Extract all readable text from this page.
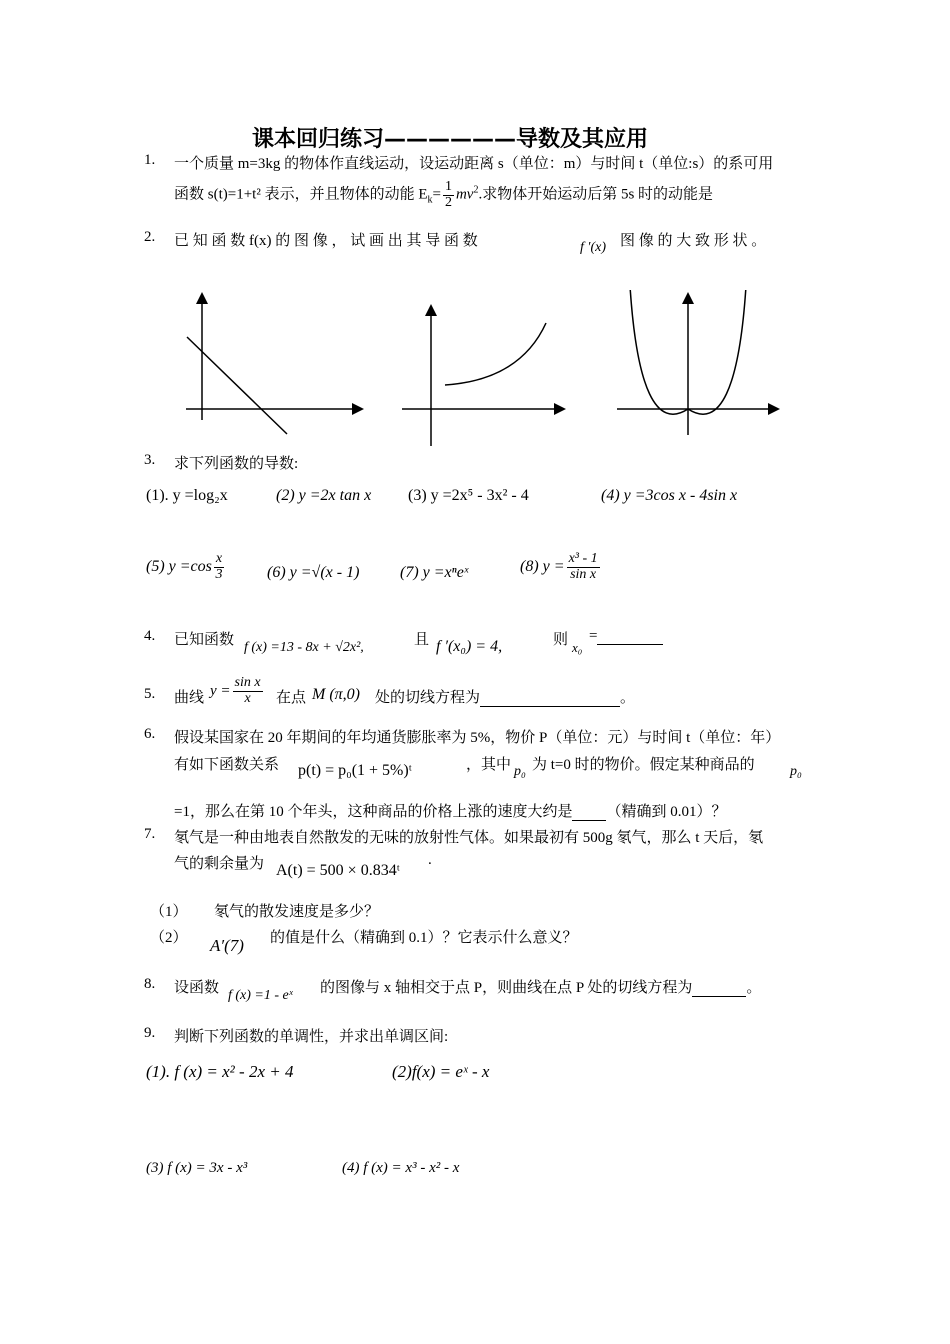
课本回归练习——————导数及其应用
1. 一个质量 m=3kg 的物体作直线运动，设运动距离 s（单位：m）与时间 t（单位:s）的系可用
函数 s(t)=1+t² 表示，并且物体的动能 $E_k= \frac{1}{2} mv^2$.求物体开始运动后第 5s 时的动能是
2. 已 知 函 数 f(x) 的 图 像 ， 试 画 出 其 导 函 数	f ′(x) 图 像 的 大 致 形 状 。
3. 求下列函数的导数:
(1). y =log₂x	(2) y =2x tan x (3) y =2x⁵ - 3x² - 4	(4) y =3cos x - 4sin x
(5) $y =\cos \frac{x}{3}$	(6) y =√(x - 1)	(7) y =xⁿeˣ	(8) $y = \frac{\text{x³ - 1}}{\text{sin x}}$
4. 已知函数 f (x) =13 - 8x + √2x²,	且 f ′(x₀) = 4,	则 x₀
=
5. 曲线 $y = \frac{\text{sin x}}{x}$ 在点 M (π,0) 处的切线方程为	。
6. 假设某国家在 20 年期间的年均通货膨胀率为 5%，物价 P（单位：元）与时间 t（单位：年）
有如下函数关系 p(t) = p₀(1 + 5%)ᵗ	，其中 p₀ 为 t=0 时的物价。假定某种商品的	p₀
=1，那么在第 10 个年头，这种商品的价格上涨的速度大约是 （精确到 0.01）？
7. 氡气是一种由地表自然散发的无味的放射性气体。如果最初有 500g 氡气，那么 t 天后，氡
气的剩余量为 A(t) = 500 × 0.834ᵗ
.
（1） 氡气的散发速度是多少？
（2） A′(7) 的值是什么（精确到 0.1）？它表示什么意义？
8. 设函数 f (x) =1 - eˣ 的图像与 x 轴相交于点 P，则曲线在点 P 处的切线方程为	。
9. 判断下列函数的单调性，并求出单调区间:
(1). f (x) = x² - 2x + 4	(2)f(x) = eˣ - x
(3) f (x) = 3x - x³	(4) f (x) = x³ - x² - x
